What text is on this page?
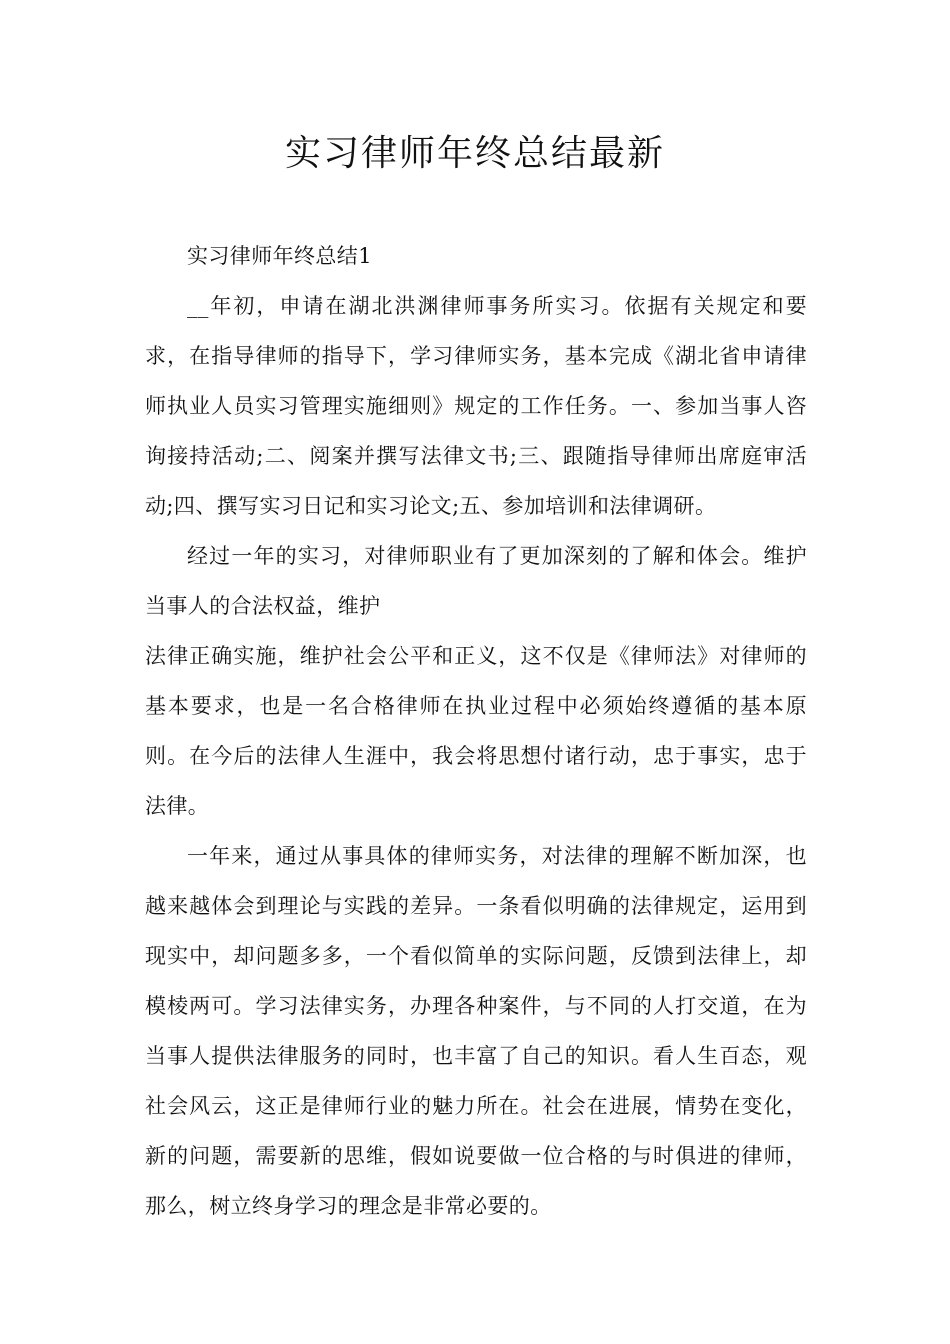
实习律师年终总结最新

实习律师年终总结1

__年初，申请在湖北洪渊律师事务所实习。依据有关规定和要求，在指导律师的指导下，学习律师实务，基本完成《湖北省申请律师执业人员实习管理实施细则》规定的工作任务。一、参加当事人咨询接持活动;二、阅案并撰写法律文书;三、跟随指导律师出席庭审活动;四、撰写实习日记和实习论文;五、参加培训和法律调研。

经过一年的实习，对律师职业有了更加深刻的了解和体会。维护当事人的合法权益，维护

法律正确实施，维护社会公平和正义，这不仅是《律师法》对律师的基本要求，也是一名合格律师在执业过程中必须始终遵循的基本原则。在今后的法律人生涯中，我会将思想付诸行动，忠于事实，忠于法律。

一年来，通过从事具体的律师实务，对法律的理解不断加深，也越来越体会到理论与实践的差异。一条看似明确的法律规定，运用到现实中，却问题多多，一个看似简单的实际问题，反馈到法律上，却模棱两可。学习法律实务，办理各种案件，与不同的人打交道，在为当事人提供法律服务的同时，也丰富了自己的知识。看人生百态，观社会风云，这正是律师行业的魅力所在。社会在进展，情势在变化，新的问题，需要新的思维，假如说要做一位合格的与时俱进的律师，那么，树立终身学习的理念是非常必要的。
